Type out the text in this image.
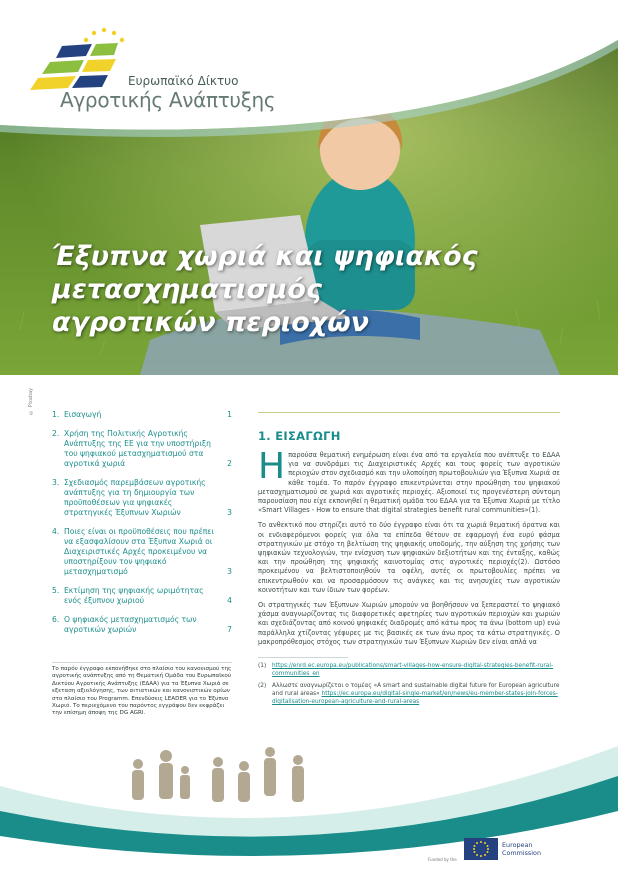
Ευρωπαϊκό Δίκτυο
Αγροτικής Ανάπτυξης
Έξυπνα χωριά και ψηφιακός
μετασχηματισμός
αγροτικών περιοχών
© Pixabay 1. Εισαγωγή	1
2. Χρήση της Πολιτικής Αγροτικής Ανάπτυξης της ΕΕ για την υποστήριξη του ψηφιακού μετασχηματισμού στα αγροτικά χωριά	2
3. Σχεδιασμός παρεμβάσεων αγροτικής ανάπτυξης για τη δημιουργία των προϋποθέσεων για ψηφιακές στρατηγικές Έξυπνων Χωριών	3
4. Ποιες είναι οι προϋποθέσεις που πρέπει να εξασφαλίσουν στα Έξυπνα Χωριά οι Διαχειριστικές Αρχές προκειμένου να υποστηρίξουν τον ψηφιακό μετασχηματισμό	3
5. Εκτίμηση της ψηφιακής ωριμότητας ενός έξυπνου χωριού	4
6. Ο ψηφιακός μετασχηματισμός των αγροτικών χωριών	7
Το παρόν έγγραφο εκπονήθηκε στο πλαίσιο του κανονισμού της αγροτικής ανάπτυξης από τη Θεματική Ομάδα του Ευρωπαϊκού Δικτύου Αγροτικής Ανάπτυξης (ΕΔΑΑ) για τα Έξυπνα Χωριά σε εξεταση αξιολόγησης, των αιτιατικών και κανονιστικών ορίων στο πλαίσιο του Programm. Επενδύσεις LEADER για το Έξυπνο Χωριό. Το περιεχόμενο του παρόντος εγγράφου δεν εκφράζει την επίσημη άποψη της DG AGRI.
1. ΕΙΣΑΓΩΓΗ
Η παρούσα θεματική ενημέρωση είναι ένα από τα εργαλεία που ανέπτυξε το ΕΔΑΑ για να συνδράμει τις Διαχειριστικές Αρχές και τους φορείς των αγροτικών περιοχών στον σχεδιασμό και την υλοποίηση πρωτοβουλιών για Έξυπνα Χωριά σε κάθε τομέα. Το παρόν έγγραφο επικεντρώνεται στην προώθηση του ψηφιακού μετασχηματισμού σε χωριά και αγροτικές περιοχές. Αξιοποιεί τις προγενέστερη σύντομη παρουσίαση που είχε εκπονηθεί η θεματική ομάδα του ΕΔΑΑ για τα Έξυπνα Χωριά με τίτλο «Smart Villages - How to ensure that digital strategies benefit rural communities»(1).
Το ανθεκτικό που στηρίζει αυτό το δύο έγγραφο είναι ότι τα χωριά θεματική όρατνα και οι ενδιαφερόμενοι φορείς για όλα τα επίπεδα θέτουν σε εφαρμογή ένα ευρύ φάσμα στρατηγικών με στόχο τη βελτίωση της ψηφιακής υποδομής, την αύξηση της χρήσης των ψηφιακών τεχνολογιών, την ενίσχυση των ψηφιακών δεξιοτήτων και της ένταξης, καθώς και την προώθηση της ψηφιακής καινοτομίας στις αγροτικές περιοχές(2). Ωστόσο προκειμένου να βελτιστοποιηθούν τα οφέλη, αυτές οι πρωτοβουλίες πρέπει να επικεντρωθούν και να προσαρμόσουν τις ανάγκες και τις ανησυχίες των αγροτικών κοινοτήτων και των ίδιων των φορέων.
Οι στρατηγικές των Έξυπνων Χωριών μπορούν να βοηθήσουν να ξεπεραστεί το ψηφιακό χάσμα αναγνωρίζοντας τις διαφορετικές αφετηρίες των αγροτικών περιοχών και χωριών και σχεδιάζοντας από κοινού ψηφιακές διαδρομές από κάτω προς τα άνω (bottom up) ενώ παράλληλα χτίζοντας γέφυρες με τις βασικές εκ των άνω προς τα κάτω στρατηγικές. Ο μακροπρόθεσμος στόχος των στρατηγικών των Έξυπνων Χωριών δεν είναι απλά να
(1) https://enrd.ec.europa.eu/publications/smart-villages-how-ensure-digital-strategies-benefit-rural-communities_en
(2) Αλλωστε αναγνωρίζεται ο τομέας «A smart and sustainable digital future for European agriculture and rural areas» https://ec.europa.eu/digital-single-market/en/news/eu-member-states-join-forces-digitalisation-european-agriculture-and-rural-areas
European
Commission
Funded by the
